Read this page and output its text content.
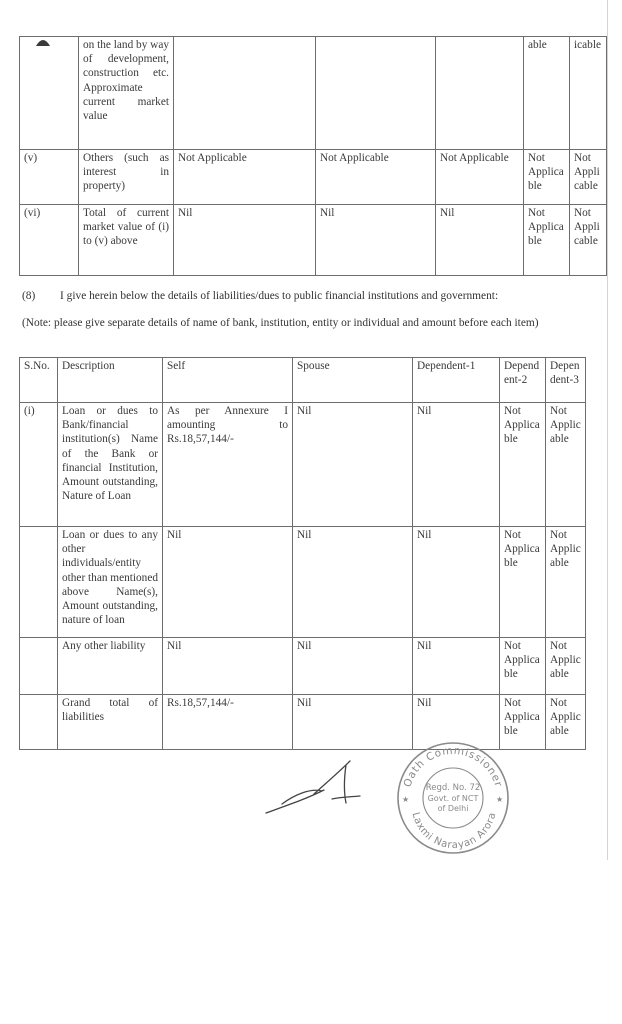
	on the land by way of development, construction etc. Approximate current market value				able	icable
(v)	Others (such as interest in property)	Not Applicable	Not Applicable	Not Applicable	Not Applicable	Not Applicable
(vi)	Total of current market value of (i) to (v) above	Nil	Nil	Nil	Not Applicable	Not Applicable
(8) I give herein below the details of liabilities/dues to public financial institutions and government:
(Note: please give separate details of name of bank, institution, entity or individual and amount before each item)
S.No.	Description	Self	Spouse	Dependent-1	Dependent-2	Dependent-3
(i)	Loan or dues to Bank/financial institution(s) Name of the Bank or financial Institution, Amount outstanding, Nature of Loan	As per Annexure I amounting to Rs.18,57,144/-	Nil	Nil	Not Applicable	Not Applicable
	Loan or dues to any other individuals/entity other than mentioned above Name(s), Amount outstanding, nature of loan	Nil	Nil	Nil	Not Applicable	Not Applicable
	Any other liability	Nil	Nil	Nil	Not Applicable	Not Applicable
	Grand total of liabilities	Rs.18,57,144/-	Nil	Nil	Not Applicable	Not Applicable
Oath Commissioner
Laxmi Narayan Arora
Regd. No. 72
Govt. of NCT
of Delhi
★	★
